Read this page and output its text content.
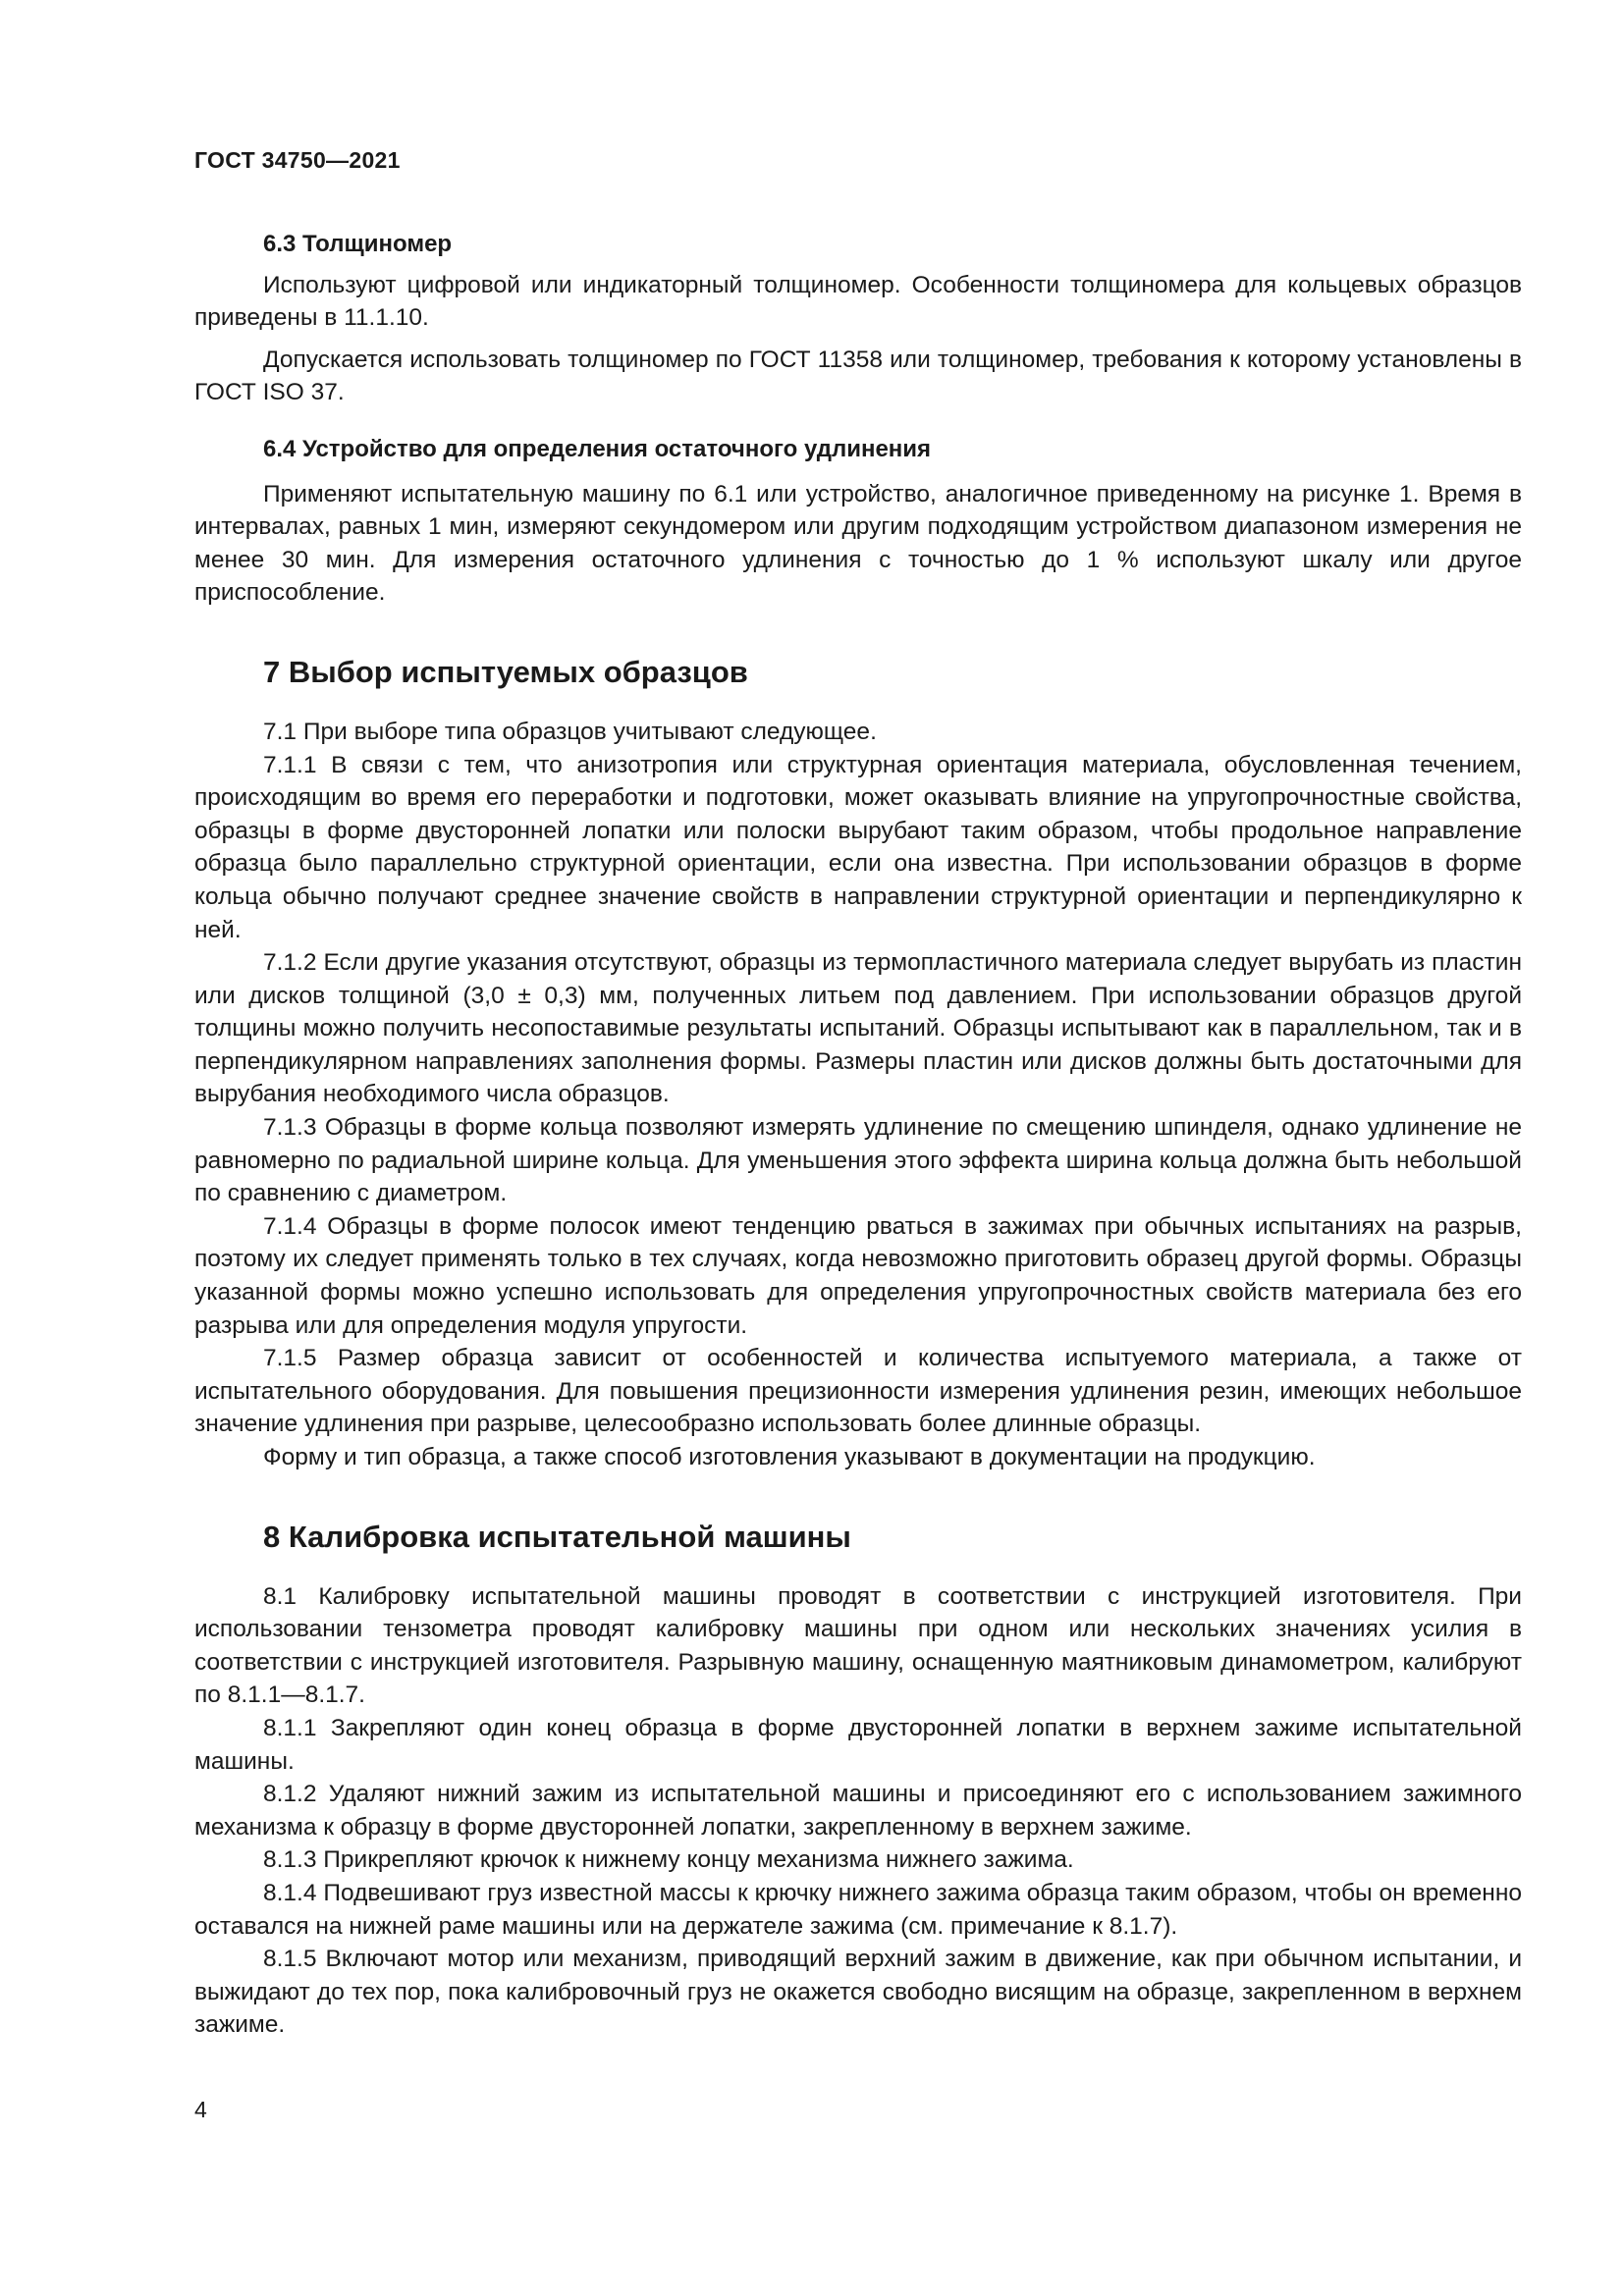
ГОСТ 34750—2021
6.3 Толщиномер

Используют цифровой или индикаторный толщиномер. Особенности толщиномера для кольцевых образцов приведены в 11.1.10.

Допускается использовать толщиномер по ГОСТ 11358 или толщиномер, требования к которому установлены в ГОСТ ISO 37.

6.4 Устройство для определения остаточного удлинения

Применяют испытательную машину по 6.1 или устройство, аналогичное приведенному на рисунке 1. Время в интервалах, равных 1 мин, измеряют секундомером или другим подходящим устройством диапазоном измерения не менее 30 мин. Для измерения остаточного удлинения с точностью до 1 % используют шкалу или другое приспособление.

7 Выбор испытуемых образцов

7.1 При выборе типа образцов учитывают следующее.

7.1.1 В связи с тем, что анизотропия или структурная ориентация материала, обусловленная течением, происходящим во время его переработки и подготовки, может оказывать влияние на упругопрочностные свойства, образцы в форме двусторонней лопатки или полоски вырубают таким образом, чтобы продольное направление образца было параллельно структурной ориентации, если она известна. При использовании образцов в форме кольца обычно получают среднее значение свойств в направлении структурной ориентации и перпендикулярно к ней.

7.1.2 Если другие указания отсутствуют, образцы из термопластичного материала следует вырубать из пластин или дисков толщиной (3,0 ± 0,3) мм, полученных литьем под давлением. При использовании образцов другой толщины можно получить несопоставимые результаты испытаний. Образцы испытывают как в параллельном, так и в перпендикулярном направлениях заполнения формы. Размеры пластин или дисков должны быть достаточными для вырубания необходимого числа образцов.

7.1.3 Образцы в форме кольца позволяют измерять удлинение по смещению шпинделя, однако удлинение не равномерно по радиальной ширине кольца. Для уменьшения этого эффекта ширина кольца должна быть небольшой по сравнению с диаметром.

7.1.4 Образцы в форме полосок имеют тенденцию рваться в зажимах при обычных испытаниях на разрыв, поэтому их следует применять только в тех случаях, когда невозможно приготовить образец другой формы. Образцы указанной формы можно успешно использовать для определения упругопрочностных свойств материала без его разрыва или для определения модуля упругости.

7.1.5 Размер образца зависит от особенностей и количества испытуемого материала, а также от испытательного оборудования. Для повышения прецизионности измерения удлинения резин, имеющих небольшое значение удлинения при разрыве, целесообразно использовать более длинные образцы.

Форму и тип образца, а также способ изготовления указывают в документации на продукцию.

8 Калибровка испытательной машины

8.1 Калибровку испытательной машины проводят в соответствии с инструкцией изготовителя. При использовании тензометра проводят калибровку машины при одном или нескольких значениях усилия в соответствии с инструкцией изготовителя. Разрывную машину, оснащенную маятниковым динамометром, калибруют по 8.1.1—8.1.7.

8.1.1 Закрепляют один конец образца в форме двусторонней лопатки в верхнем зажиме испытательной машины.

8.1.2 Удаляют нижний зажим из испытательной машины и присоединяют его с использованием зажимного механизма к образцу в форме двусторонней лопатки, закрепленному в верхнем зажиме.

8.1.3 Прикрепляют крючок к нижнему концу механизма нижнего зажима.

8.1.4 Подвешивают груз известной массы к крючку нижнего зажима образца таким образом, чтобы он временно оставался на нижней раме машины или на держателе зажима (см. примечание к 8.1.7).

8.1.5 Включают мотор или механизм, приводящий верхний зажим в движение, как при обычном испытании, и выжидают до тех пор, пока калибровочный груз не окажется свободно висящим на образце, закрепленном в верхнем зажиме.

4
